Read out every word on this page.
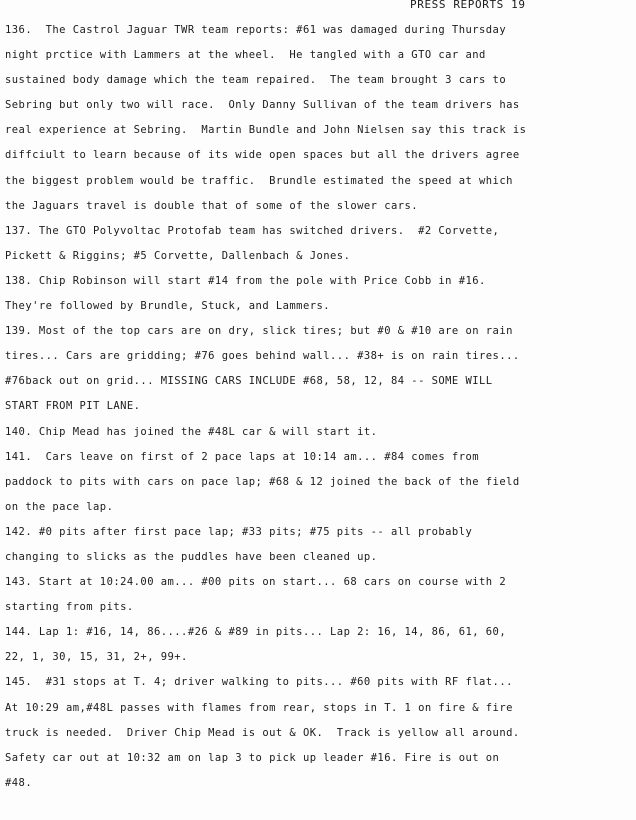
PRESS REPORTS 19
136.  The Castrol Jaguar TWR team reports: #61 was damaged during Thursday
night prctice with Lammers at the wheel.  He tangled with a GTO car and
sustained body damage which the team repaired.  The team brought 3 cars to
Sebring but only two will race.  Only Danny Sullivan of the team drivers has
real experience at Sebring.  Martin Bundle and John Nielsen say this track is
diffciult to learn because of its wide open spaces but all the drivers agree
the biggest problem would be traffic.  Brundle estimated the speed at which
the Jaguars travel is double that of some of the slower cars.
137. The GTO Polyvoltac Protofab team has switched drivers.  #2 Corvette,
Pickett & Riggins; #5 Corvette, Dallenbach & Jones.
138. Chip Robinson will start #14 from the pole with Price Cobb in #16.
They're followed by Brundle, Stuck, and Lammers.
139. Most of the top cars are on dry, slick tires; but #0 & #10 are on rain
tires... Cars are gridding; #76 goes behind wall... #38+ is on rain tires...
#76back out on grid... MISSING CARS INCLUDE #68, 58, 12, 84 -- SOME WILL
START FROM PIT LANE.
140. Chip Mead has joined the #48L car & will start it.
141.  Cars leave on first of 2 pace laps at 10:14 am... #84 comes from
paddock to pits with cars on pace lap; #68 & 12 joined the back of the field
on the pace lap.
142. #0 pits after first pace lap; #33 pits; #75 pits -- all probably
changing to slicks as the puddles have been cleaned up.
143. Start at 10:24.00 am... #00 pits on start... 68 cars on course with 2
starting from pits.
144. Lap 1: #16, 14, 86....#26 & #89 in pits... Lap 2: 16, 14, 86, 61, 60,
22, 1, 30, 15, 31, 2+, 99+.
145.  #31 stops at T. 4; driver walking to pits... #60 pits with RF flat...
At 10:29 am,#48L passes with flames from rear, stops in T. 1 on fire & fire
truck is needed.  Driver Chip Mead is out & OK.  Track is yellow all around.
Safety car out at 10:32 am on lap 3 to pick up leader #16. Fire is out on
#48.
